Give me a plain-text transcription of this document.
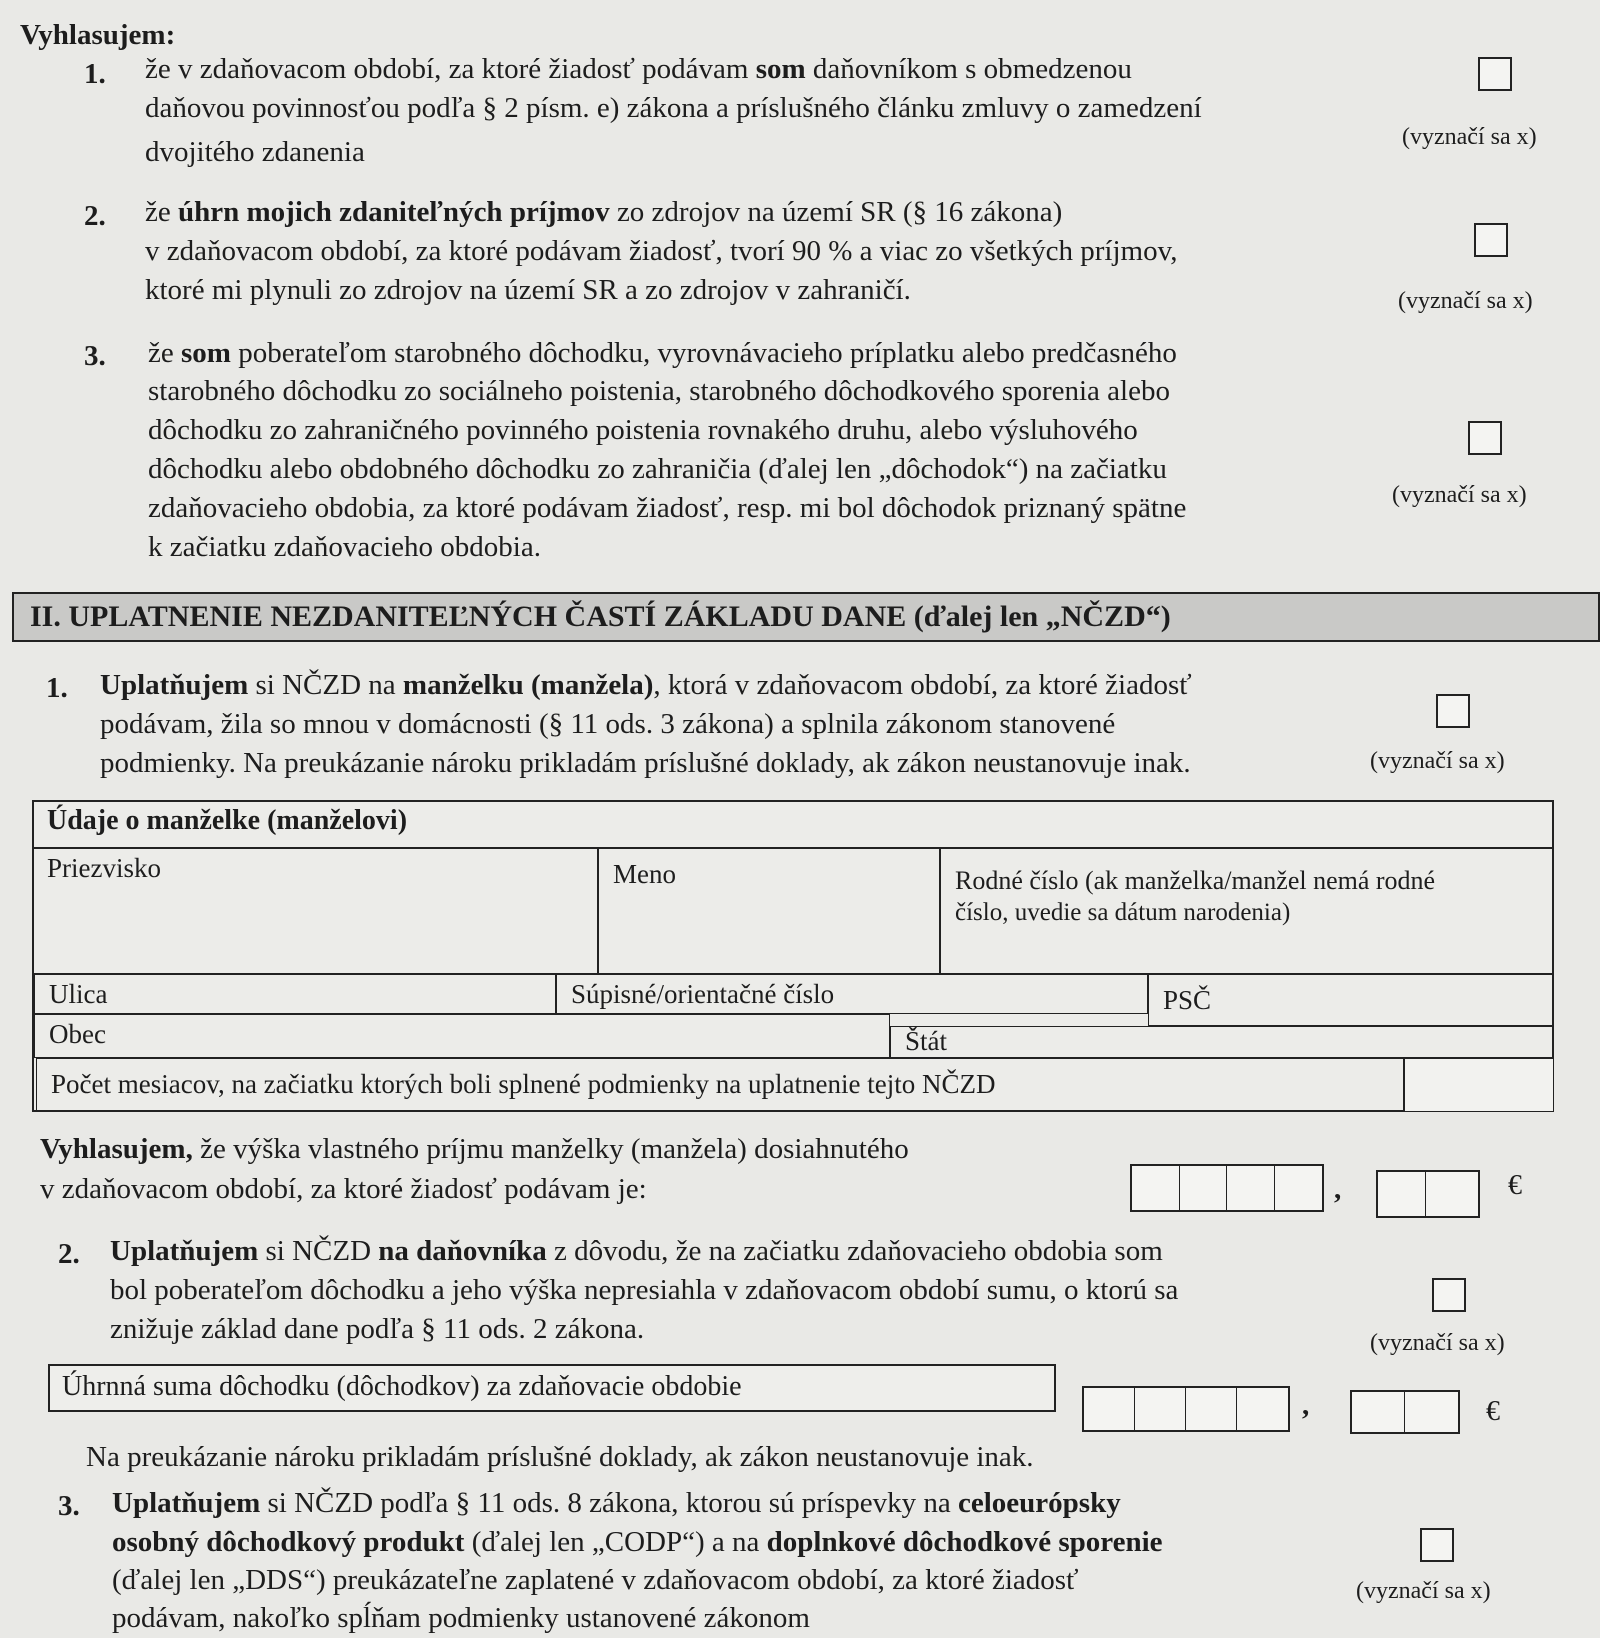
Vyhlasujem:
1. že v zdaňovacom období, za ktoré žiadosť podávam som daňovníkom s obmedzenou
daňovou povinnosťou podľa § 2 písm. e) zákona a príslušného článku zmluvy o zamedzení
dvojitého zdanenia	(vyznačí sa x)
2. že úhrn mojich zdaniteľných príjmov zo zdrojov na území SR (§ 16 zákona)
v zdaňovacom období, za ktoré podávam žiadosť, tvorí 90 % a viac zo všetkých príjmov,
ktoré mi plynuli zo zdrojov na území SR a zo zdrojov v zahraničí.	(vyznačí sa x)
3. že som poberateľom starobného dôchodku, vyrovnávacieho príplatku alebo predčasného
starobného dôchodku zo sociálneho poistenia, starobného dôchodkového sporenia alebo
dôchodku zo zahraničného povinného poistenia rovnakého druhu, alebo výsluhového
dôchodku alebo obdobného dôchodku zo zahraničia (ďalej len „dôchodok“) na začiatku
zdaňovacieho obdobia, za ktoré podávam žiadosť, resp. mi bol dôchodok priznaný spätne
k začiatku zdaňovacieho obdobia.
(vyznačí sa x)
II. UPLATNENIE NEZDANITEĽNÝCH ČASTÍ ZÁKLADU DANE (ďalej len „NČZD“)
1. Uplatňujem si NČZD na manželku (manžela), ktorá v zdaňovacom období, za ktoré žiadosť
podávam, žila so mnou v domácnosti (§ 11 ods. 3 zákona) a splnila zákonom stanovené
podmienky. Na preukázanie nároku prikladám príslušné doklady, ak zákon neustanovuje inak.	(vyznačí sa x)
Údaje o manželke (manželovi)
Priezvisko	Meno	Rodné číslo (ak manželka/manžel nemá rodné
číslo, uvedie sa dátum narodenia)
Ulica	Súpisné/orientačné číslo	PSČ
Obec	Štát
Počet mesiacov, na začiatku ktorých boli splnené podmienky na uplatnenie tejto NČZD
Vyhlasujem, že výška vlastného príjmu manželky (manžela) dosiahnutého
v zdaňovacom období, za ktoré žiadosť podávam je:	,	€
2. Uplatňujem si NČZD na daňovníka z dôvodu, že na začiatku zdaňovacieho obdobia som
bol poberateľom dôchodku a jeho výška nepresiahla v zdaňovacom období sumu, o ktorú sa
znižuje základ dane podľa § 11 ods. 2 zákona.	(vyznačí sa x)
Úhrnná suma dôchodku (dôchodkov) za zdaňovacie obdobie
,	€
Na preukázanie nároku prikladám príslušné doklady, ak zákon neustanovuje inak.
3. Uplatňujem si NČZD podľa § 11 ods. 8 zákona, ktorou sú príspevky na celoeurópsky
osobný dôchodkový produkt (ďalej len „CODP“) a na doplnkové dôchodkové sporenie
(ďalej len „DDS“) preukázateľne zaplatené v zdaňovacom období, za ktoré žiadosť
podávam, nakoľko spĺňam podmienky ustanovené zákonom
(vyznačí sa x)
